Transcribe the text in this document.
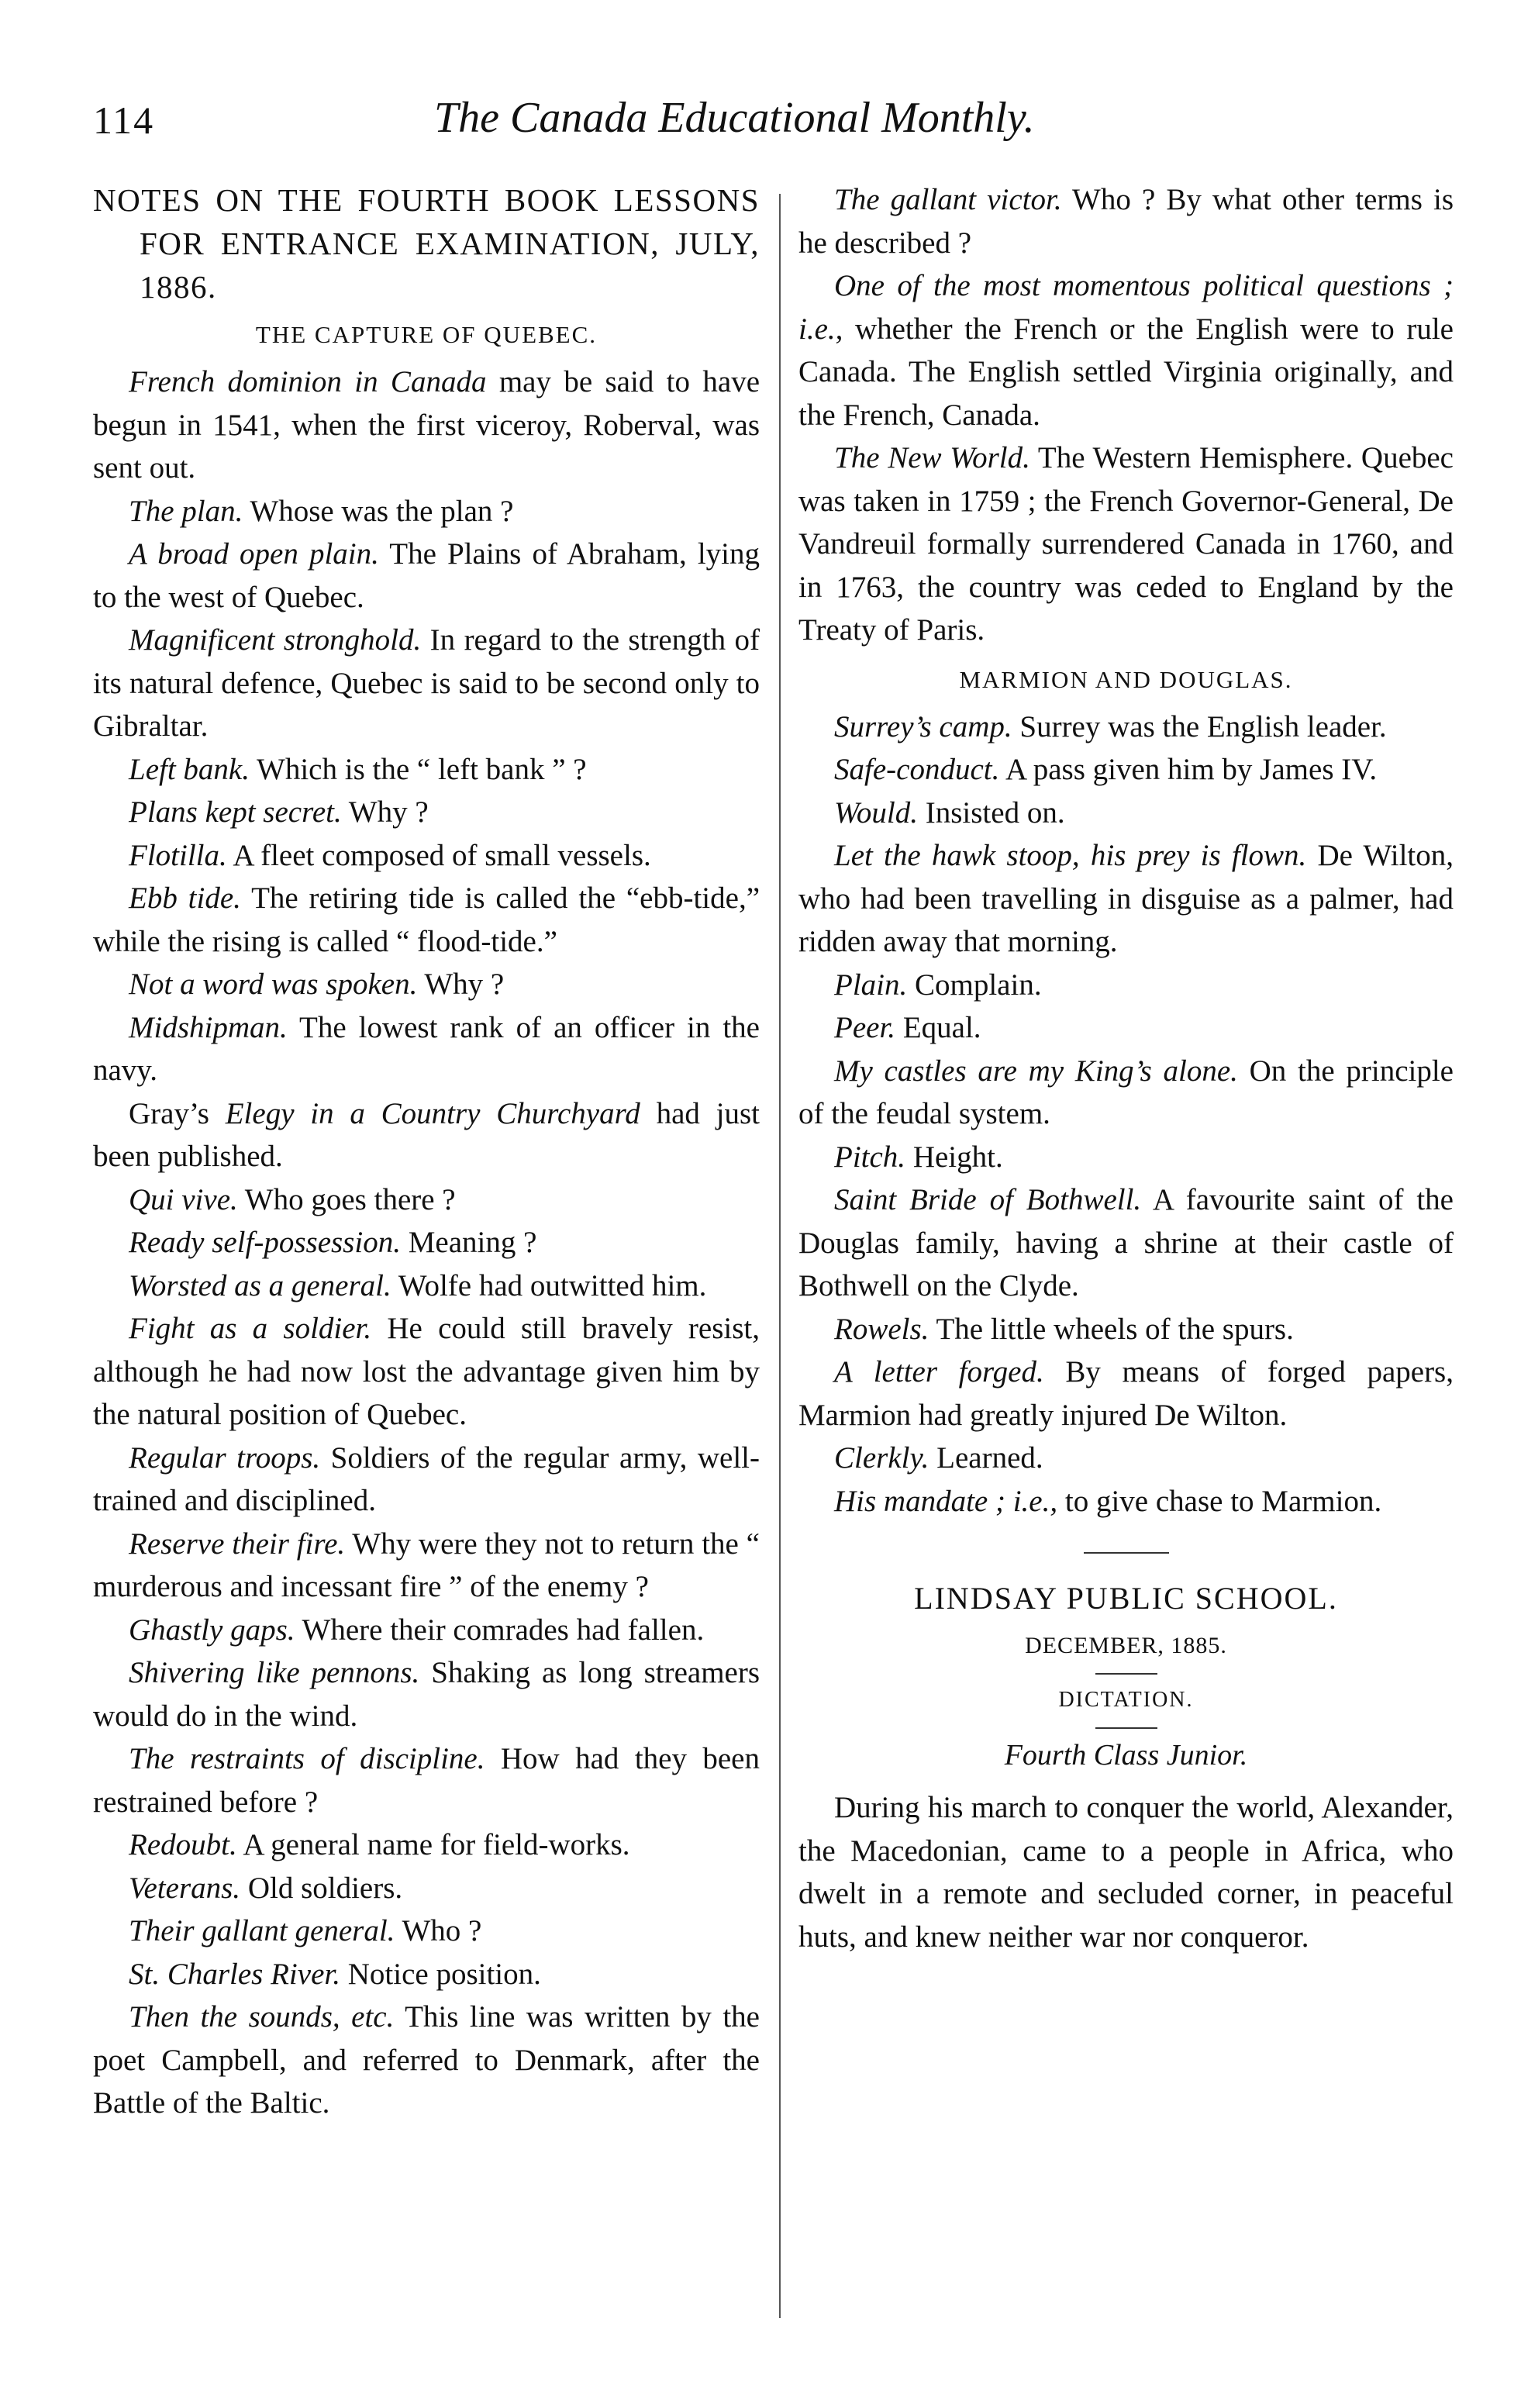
114	The Canada Educational Monthly.

NOTES ON THE FOURTH BOOK LESSONS FOR ENTRANCE EXAMINATION, JULY, 1886.

THE CAPTURE OF QUEBEC.

French dominion in Canada may be said to have begun in 1541, when the first viceroy, Roberval, was sent out.

The plan. Whose was the plan ?

A broad open plain. The Plains of Abraham, lying to the west of Quebec.

Magnificent stronghold. In regard to the strength of its natural defence, Quebec is said to be second only to Gibraltar.

Left bank. Which is the “ left bank ” ?

Plans kept secret. Why ?

Flotilla. A fleet composed of small vessels.

Ebb tide. The retiring tide is called the “ebb-tide,” while the rising is called “ flood-tide.”

Not a word was spoken. Why ?

Midshipman. The lowest rank of an officer in the navy.

Gray’s Elegy in a Country Churchyard had just been published.

Qui vive. Who goes there ?

Ready self-possession. Meaning ?

Worsted as a general. Wolfe had outwitted him.

Fight as a soldier. He could still bravely resist, although he had now lost the advantage given him by the natural position of Quebec.

Regular troops. Soldiers of the regular army, well-trained and disciplined.

Reserve their fire. Why were they not to return the “ murderous and incessant fire ” of the enemy ?

Ghastly gaps. Where their comrades had fallen.

Shivering like pennons. Shaking as long streamers would do in the wind.

The restraints of discipline. How had they been restrained before ?

Redoubt. A general name for field-works.

Veterans. Old soldiers.

Their gallant general. Who ?

St. Charles River. Notice position.

Then the sounds, etc. This line was written by the poet Campbell, and referred to Denmark, after the Battle of the Baltic.

The gallant victor. Who ? By what other terms is he described ?

One of the most momentous political questions ; i.e., whether the French or the English were to rule Canada. The English settled Virginia originally, and the French, Canada.

The New World. The Western Hemisphere. Quebec was taken in 1759 ; the French Governor-General, De Vandreuil formally surrendered Canada in 1760, and in 1763, the country was ceded to England by the Treaty of Paris.

MARMION AND DOUGLAS.

Surrey’s camp. Surrey was the English leader.

Safe-conduct. A pass given him by James IV.

Would. Insisted on.

Let the hawk stoop, his prey is flown. De Wilton, who had been travelling in disguise as a palmer, had ridden away that morning.

Plain. Complain.

Peer. Equal.

My castles are my King’s alone. On the principle of the feudal system.

Pitch. Height.

Saint Bride of Bothwell. A favourite saint of the Douglas family, having a shrine at their castle of Bothwell on the Clyde.

Rowels. The little wheels of the spurs.

A letter forged. By means of forged papers, Marmion had greatly injured De Wilton.

Clerkly. Learned.

His mandate ; i.e., to give chase to Marmion.

LINDSAY PUBLIC SCHOOL.

DECEMBER, 1885.

DICTATION.

Fourth Class Junior.

During his march to conquer the world, Alexander, the Macedonian, came to a people in Africa, who dwelt in a remote and secluded corner, in peaceful huts, and knew neither war nor conqueror.
